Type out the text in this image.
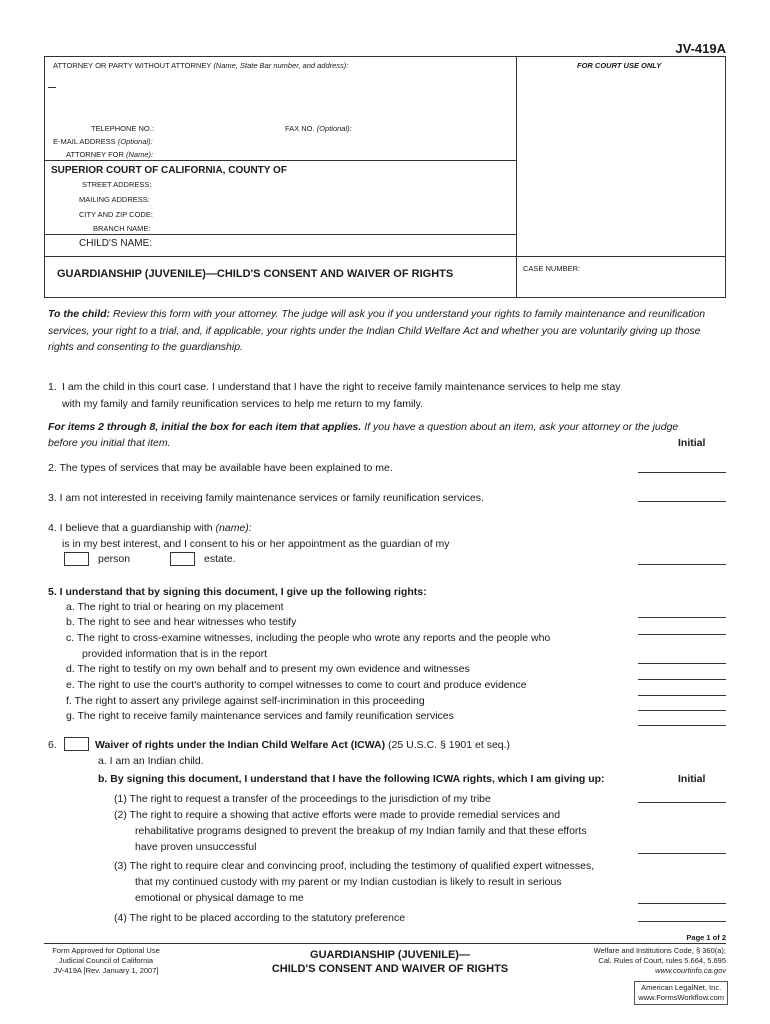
JV-419A
ATTORNEY OR PARTY WITHOUT ATTORNEY (Name, State Bar number, and address):	FOR COURT USE ONLY
TELEPHONE NO.:	FAX NO. (Optional):
E-MAIL ADDRESS (Optional):
ATTORNEY FOR (Name):
SUPERIOR COURT OF CALIFORNIA, COUNTY OF
STREET ADDRESS:
MAILING ADDRESS:
CITY AND ZIP CODE:
BRANCH NAME:
CHILD'S NAME:
GUARDIANSHIP (JUVENILE)—CHILD'S CONSENT AND WAIVER OF RIGHTS	CASE NUMBER:
To the child: Review this form with your attorney. The judge will ask you if you understand your rights to family maintenance and reunification services, your right to a trial, and, if applicable, your rights under the Indian Child Welfare Act and whether you are voluntarily giving up those rights and consenting to the guardianship.
1. I am the child in this court case. I understand that I have the right to receive family maintenance services to help me stay
with my family and family reunification services to help me return to my family.
For items 2 through 8, initial the box for each item that applies. If you have a question about an item, ask your attorney or the judge
before you initial that item.	Initial
2. The types of services that may be available have been explained to me.
3. I am not interested in receiving family maintenance services or family reunification services.
4. I believe that a guardianship with (name):
is in my best interest, and I consent to his or her appointment as the guardian of my
person	estate.
5. I understand that by signing this document, I give up the following rights:
a. The right to trial or hearing on my placement
b. The right to see and hear witnesses who testify
c. The right to cross-examine witnesses, including the people who wrote any reports and the people who
provided information that is in the report
d. The right to testify on my own behalf and to present my own evidence and witnesses
e. The right to use the court's authority to compel witnesses to come to court and produce evidence
f. The right to assert any privilege against self-incrimination in this proceeding
g. The right to receive family maintenance services and family reunification services
6.	Waiver of rights under the Indian Child Welfare Act (ICWA) (25 U.S.C. § 1901 et seq.)
a. I am an Indian child.
b. By signing this document, I understand that I have the following ICWA rights, which I am giving up:	Initial
(1) The right to request a transfer of the proceedings to the jurisdiction of my tribe
(2) The right to require a showing that active efforts were made to provide remedial services and
rehabilitative programs designed to prevent the breakup of my Indian family and that these efforts
have proven unsuccessful
(3) The right to require clear and convincing proof, including the testimony of qualified expert witnesses,
that my continued custody with my parent or my Indian custodian is likely to result in serious
emotional or physical damage to me
(4) The right to be placed according to the statutory preference
Page 1 of 2
Form Approved for Optional Use
Judicial Council of California
JV-419A [Rev. January 1, 2007]
GUARDIANSHIP (JUVENILE)—
CHILD'S CONSENT AND WAIVER OF RIGHTS
Welfare and Institutions Code, § 360(a);
Cal. Rules of Court, rules 5.664, 5.695
www.courtinfo.ca.gov
American LegalNet, Inc.
www.FormsWorkflow.com
